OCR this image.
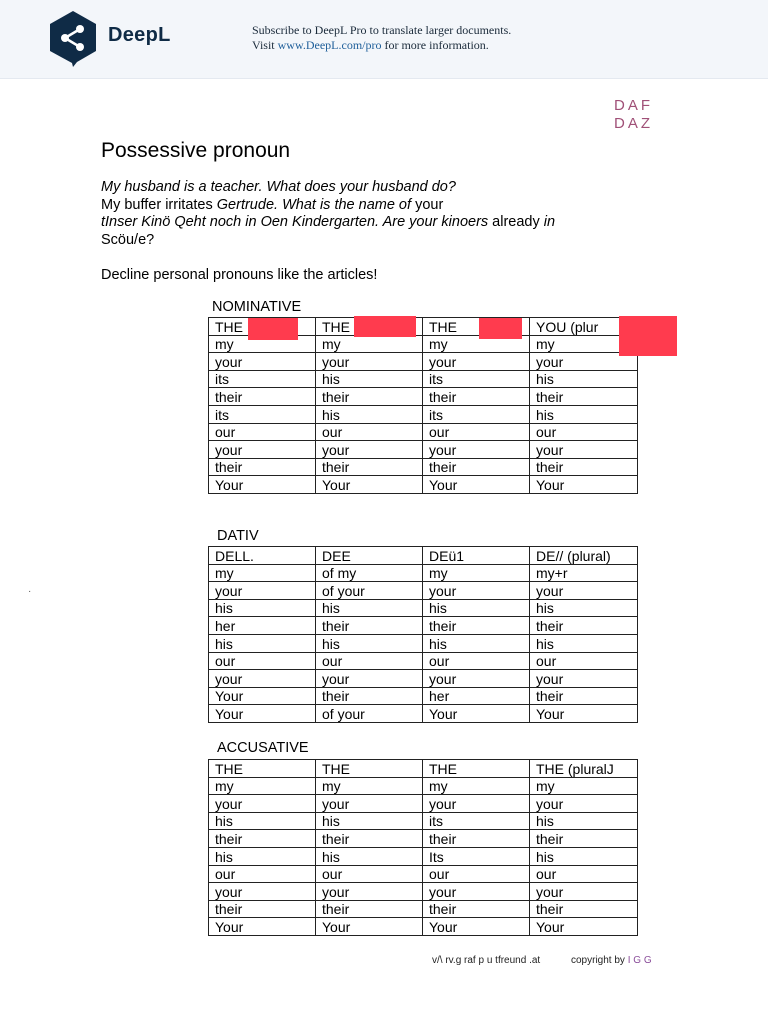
DeepL	Subscribe to DeepL Pro to translate larger documents.
Visit www.DeepL.com/pro for more information.
DAF
DAZ
Possessive pronoun
My husband is a teacher. What does your husband do?
My buffer irritates Gertrude. What is the name of your
tInser Kinö Qeht noch in Oen Kindergarten. Are your kinoers already in
Scöu/e?
Decline personal pronouns like the articles!
NOMINATIVE
THE	THE	THE	YOU (plur
my	my	my	my
your	your	your	your
its	his	its	his
their	their	their	their
its	his	its	his
our	our	our	our
your	your	your	your
their	their	their	their
Your	Your	Your	Your
·
DATIV
DELL.	DEE	DEü1	DE// (plural)
my	of my	my	my+r
your	of your	your	your
his	his	his	his
her	their	their	their
his	his	his	his
our	our	our	our
your	your	your	your
Your	their	her	their
Your	of your	Your	Your
ACCUSATIVE
THE	THE	THE	THE (pluralJ
my	my	my	my
your	your	your	your
his	his	its	his
their	their	their	their
his	his	Its	his
our	our	our	our
your	your	your	your
their	their	their	their
Your	Your	Your	Your
v/\ rv.g raf p u tfreund .at	copyright by I G G
